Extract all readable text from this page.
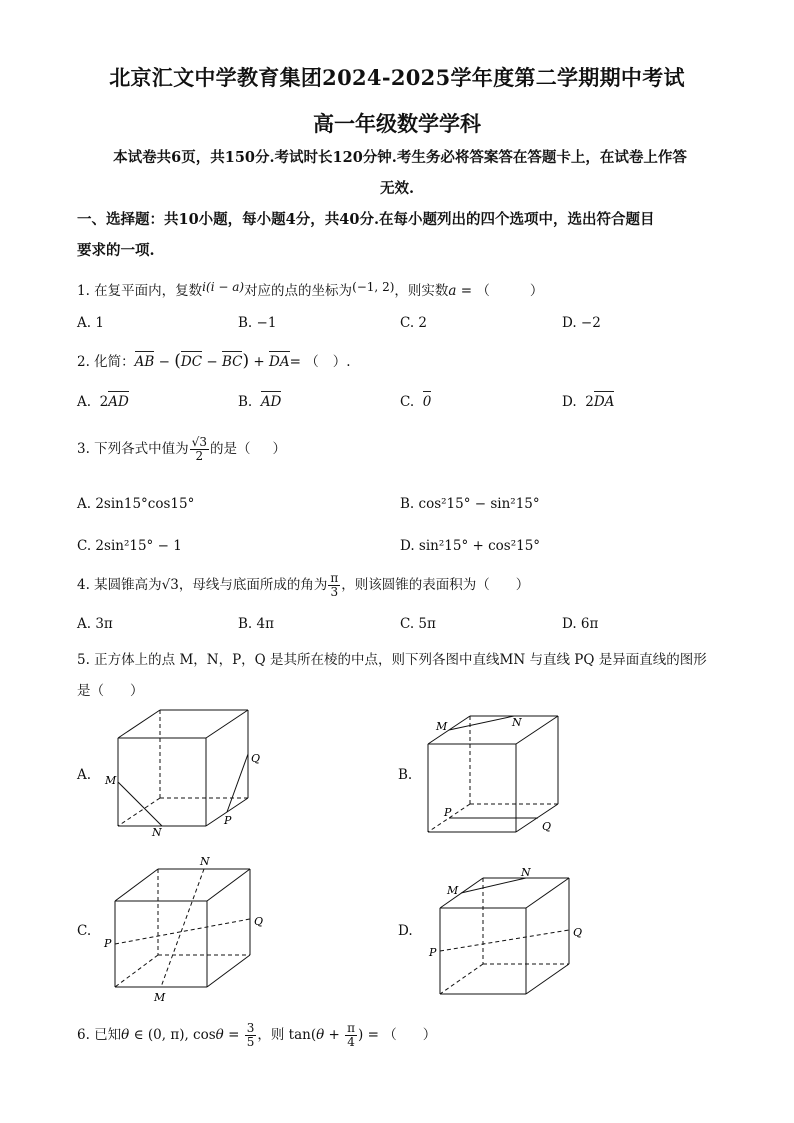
北京汇文中学教育集团2024-2025学年度第二学期期中考试
高一年级数学学科
本试卷共6页，共150分.考试时长120分钟.考生务必将答案答在答题卡上，在试卷上作答
无效.
一、选择题：共10小题，每小题4分，共40分.在每小题列出的四个选项中，选出符合题目
要求的一项.
1. 在复平面内，复数i(i − a)对应的点的坐标为(−1, 2)，则实数a = （	）
A. 1	B. −1	C. 2	D. −2
2. 化简：AB − (DC − BC) + DA= （ ）.
A. 2AD	B. AD	C. 0	D. 2DA
3. 下列各式中值为 $\frac{√3}{2}$ 的是（ ）
A. 2sin15°cos15°	B. cos²15° − sin²15°
C. 2sin²15° − 1	D. sin²15° + cos²15°
4. 某圆锥高为√3，母线与底面所成的角为 $\frac{\pi}{3}$ ，则该圆锥的表面积为（ ）
A. 3π	B. 4π	C. 5π	D. 6π
5. 正方体上的点 M，N，P，Q 是其所在棱的中点，则下列各图中直线MN 与直线 PQ 是异面直线的图形
是（ ）
A.	B.
C.	D.
M
N
P
Q
M	N
P
Q
P
Q
N
M
M
N
P
Q
6. 已知θ ∈ (0, π), $\cos\theta = \frac{3}{5}$ ，则 $\tan(\theta + \frac{\pi}{4}$ ) = （ ）
